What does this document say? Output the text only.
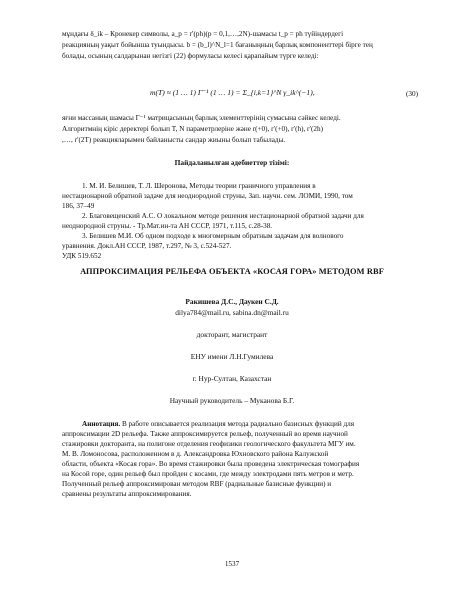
мұндағы δ_ik – Кронекер символы, a_p = r′(ph)(p = 0,1,…,2N)-шамасы t_p = ph түйіндердегі
реакцияның уақыт бойынша туындысы. b = (b_l)^N_l=1 бағаныңның барлық компоненттері бірге тең
болады, осының салдарынан негізгі (22) формуласы келесі қарапайым түрге келеді:
m(T) ≈ (1 … 1) Γ⁻¹ (1 … 1) = Σ_{i,k=1}^N γ_ik^(−1),	(30)
яғни массаның шамасы Γ⁻¹ матрицасының барлық элементтерінің сумасына сәйкес келеді.
Алгоритмнің кіріс деректері болып T, N параметрлеріне және r(+0), r′(+0), r′(h), r′(2h)
,…, r′(2T) реакцияларымен байланысты сандар жиыны болып табылады.
Пайдаланылған әдебиеттер тізімі:
1. М. И. Белишев, Т. Л. Шеронова, Методы теории граничного управления в
нестационарной обратной задаче для неоднородной струны, Зап. научн. сем. ЛОМИ, 1990, том
186, 37–49
2. Благовещенский А.С. О локальном методе решения нестационарной обратной задачи для
неоднородной струны. - Тр.Мат.ин-та АН СССР, 1971, т.115, с.28-38.
3. Белишев М.И. Об одном подходе к многомерным обратным задачам для волнового
уравнения. Докл.АН СССР, 1987, т.297, № 3, с.524-527.
УДК 519.652
АППРОКСИМАЦИЯ РЕЛЬЕФА ОБЪЕКТА «КОСАЯ ГОРА» МЕТОДОМ RBF
Ракишева Д.С., Даукен С.Д.
dilya784@mail.ru, sabina.dn@mail.ru
докторант, магистрант
ЕНУ имени Л.Н.Гумилева
г. Нур-Султан, Казахстан
Научный руководитель – Муканова Б.Г.
Аннотация. В работе описывается реализация метода радиально базисных функций для
аппроксимации 2D рельефа. Также аппроксимируется рельеф, полученный во время научной
стажировки докторанта, на полигоне отделения геофизики геологического факультета МГУ им.
М. В. Ломоносова, расположенном в д. Александровка Юхновского района Калужской
области, объекта «Косая гора». Во время стажировки была проведена электрическая томография
на Косой горе, один рельеф был пройден с косами, где между электродами пять метров и метр.
Полученный рельеф аппроксимирован методом RBF (радиальные базисные функции) и
сравнены результаты аппроксимирования.
1537
